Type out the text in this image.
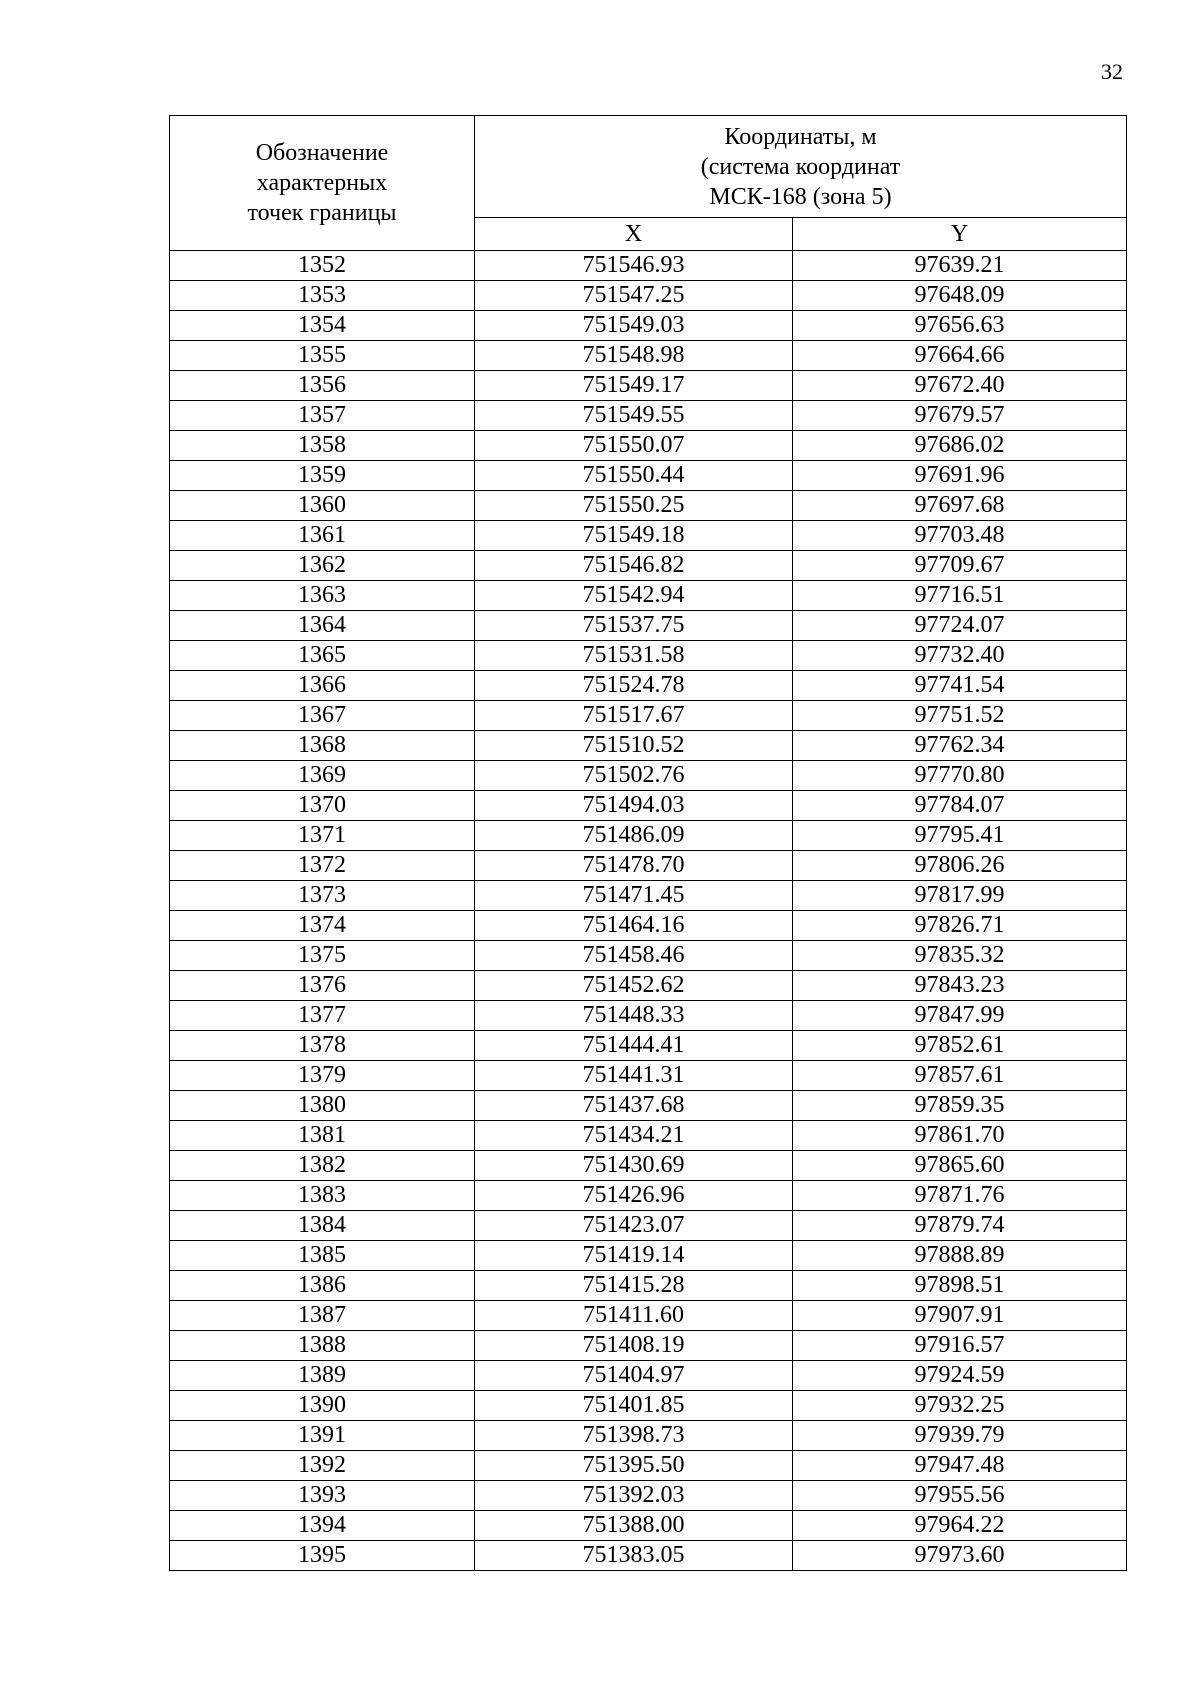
32
Обозначение
характерных
точек границы	Координаты, м
(система координат
МСК-168 (зона 5)	

	X	Y
1352	751546.93	97639.21
1353	751547.25	97648.09
1354	751549.03	97656.63
1355	751548.98	97664.66
1356	751549.17	97672.40
1357	751549.55	97679.57
1358	751550.07	97686.02
1359	751550.44	97691.96
1360	751550.25	97697.68
1361	751549.18	97703.48
1362	751546.82	97709.67
1363	751542.94	97716.51
1364	751537.75	97724.07
1365	751531.58	97732.40
1366	751524.78	97741.54
1367	751517.67	97751.52
1368	751510.52	97762.34
1369	751502.76	97770.80
1370	751494.03	97784.07
1371	751486.09	97795.41
1372	751478.70	97806.26
1373	751471.45	97817.99
1374	751464.16	97826.71
1375	751458.46	97835.32
1376	751452.62	97843.23
1377	751448.33	97847.99
1378	751444.41	97852.61
1379	751441.31	97857.61
1380	751437.68	97859.35
1381	751434.21	97861.70
1382	751430.69	97865.60
1383	751426.96	97871.76
1384	751423.07	97879.74
1385	751419.14	97888.89
1386	751415.28	97898.51
1387	751411.60	97907.91
1388	751408.19	97916.57
1389	751404.97	97924.59
1390	751401.85	97932.25
1391	751398.73	97939.79
1392	751395.50	97947.48
1393	751392.03	97955.56
1394	751388.00	97964.22
1395	751383.05	97973.60
